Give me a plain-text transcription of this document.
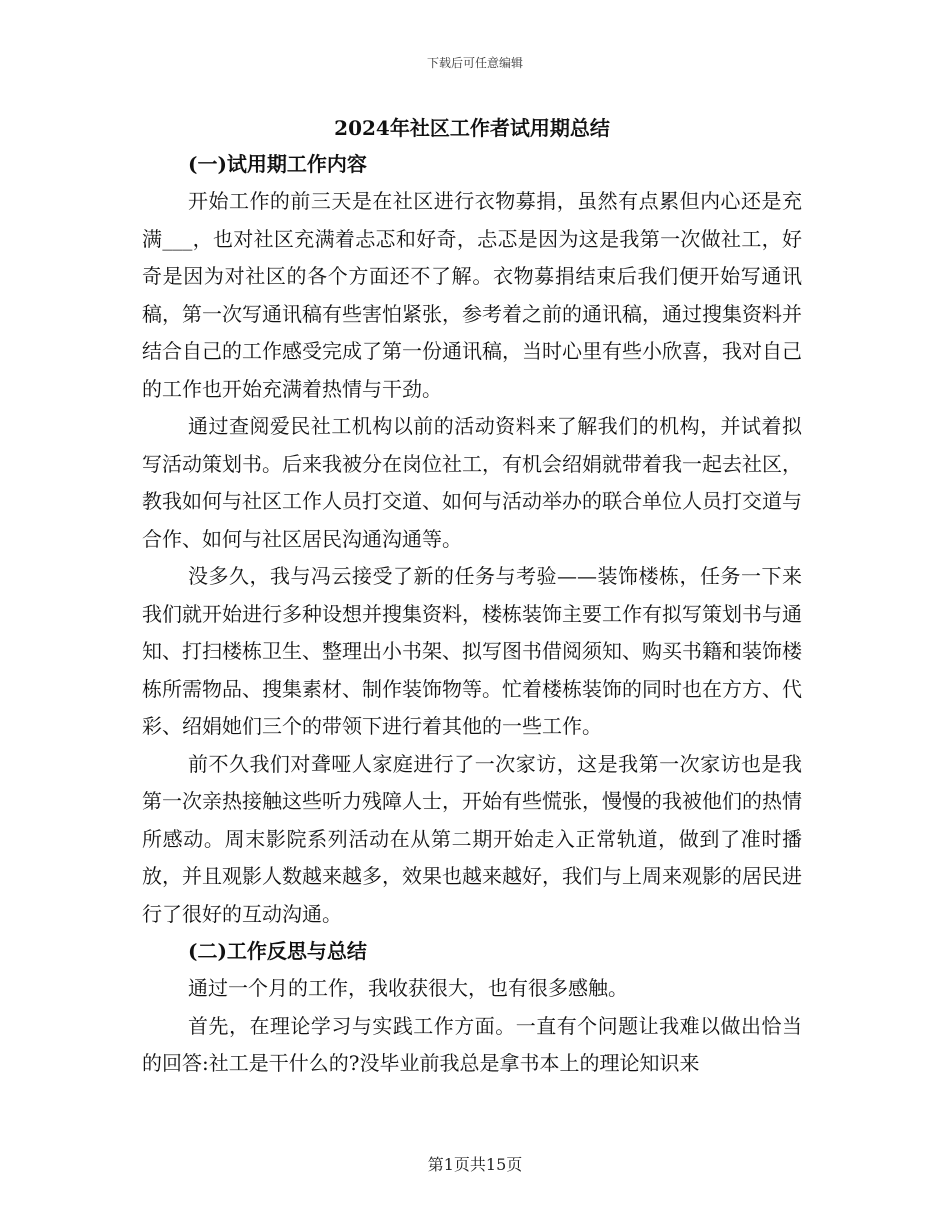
下载后可任意编辑
2024年社区工作者试用期总结

(一)试用期工作内容

开始工作的前三天是在社区进行衣物募捐，虽然有点累但内心还是充满___，也对社区充满着忐忑和好奇，忐忑是因为这是我第一次做社工，好奇是因为对社区的各个方面还不了解。衣物募捐结束后我们便开始写通讯稿，第一次写通讯稿有些害怕紧张，参考着之前的通讯稿，通过搜集资料并结合自己的工作感受完成了第一份通讯稿，当时心里有些小欣喜，我对自己的工作也开始充满着热情与干劲。

通过查阅爱民社工机构以前的活动资料来了解我们的机构，并试着拟写活动策划书。后来我被分在岗位社工，有机会绍娟就带着我一起去社区，教我如何与社区工作人员打交道、如何与活动举办的联合单位人员打交道与合作、如何与社区居民沟通沟通等。

没多久，我与冯云接受了新的任务与考验——装饰楼栋，任务一下来我们就开始进行多种设想并搜集资料，楼栋装饰主要工作有拟写策划书与通知、打扫楼栋卫生、整理出小书架、拟写图书借阅须知、购买书籍和装饰楼栋所需物品、搜集素材、制作装饰物等。忙着楼栋装饰的同时也在方方、代彩、绍娟她们三个的带领下进行着其他的一些工作。

前不久我们对聋哑人家庭进行了一次家访，这是我第一次家访也是我第一次亲热接触这些听力残障人士，开始有些慌张，慢慢的我被他们的热情所感动。周末影院系列活动在从第二期开始走入正常轨道，做到了准时播放，并且观影人数越来越多，效果也越来越好，我们与上周来观影的居民进行了很好的互动沟通。

(二)工作反思与总结

通过一个月的工作，我收获很大，也有很多感触。

首先，在理论学习与实践工作方面。一直有个问题让我难以做出恰当的回答:社工是干什么的?没毕业前我总是拿书本上的理论知识来

第1页共15页
